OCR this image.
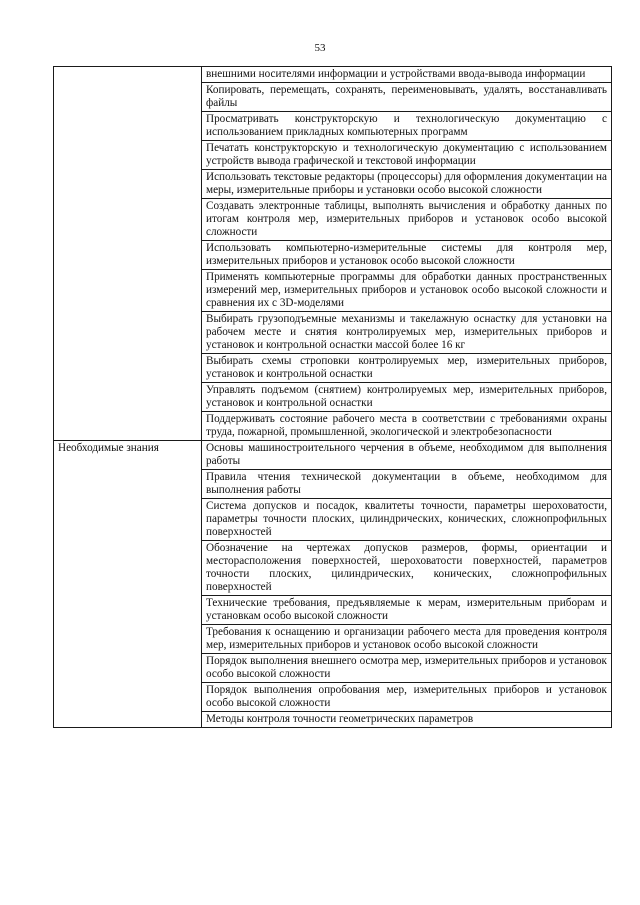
53
	внешними носителями информации и устройствами ввода-вывода информации
	Копировать, перемещать, сохранять, переименовывать, удалять, восстанавливать файлы
	Просматривать конструкторскую и технологическую документацию с использованием прикладных компьютерных программ
	Печатать конструкторскую и технологическую документацию с использованием устройств вывода графической и текстовой информации
	Использовать текстовые редакторы (процессоры) для оформления документации на меры, измерительные приборы и установки особо высокой сложности
	Создавать электронные таблицы, выполнять вычисления и обработку данных по итогам контроля мер, измерительных приборов и установок особо высокой сложности
	Использовать компьютерно-измерительные системы для контроля мер, измерительных приборов и установок особо высокой сложности
	Применять компьютерные программы для обработки данных пространственных измерений мер, измерительных приборов и установок особо высокой сложности и сравнения их с 3D-моделями
	Выбирать грузоподъемные механизмы и такелажную оснастку для установки на рабочем месте и снятия контролируемых мер, измерительных приборов и установок и контрольной оснастки массой более 16 кг
	Выбирать схемы строповки контролируемых мер, измерительных приборов, установок и контрольной оснастки
	Управлять подъемом (снятием) контролируемых мер, измерительных приборов, установок и контрольной оснастки
	Поддерживать состояние рабочего места в соответствии с требованиями охраны труда, пожарной, промышленной, экологической и электробезопасности
Необходимые знания	Основы машиностроительного черчения в объеме, необходимом для выполнения работы
	Правила чтения технической документации в объеме, необходимом для выполнения работы
	Система допусков и посадок, квалитеты точности, параметры шероховатости, параметры точности плоских, цилиндрических, конических, сложнопрофильных поверхностей
	Обозначение на чертежах допусков размеров, формы, ориентации и месторасположения поверхностей, шероховатости поверхностей, параметров точности плоских, цилиндрических, конических, сложнопрофильных поверхностей
	Технические требования, предъявляемые к мерам, измерительным приборам и установкам особо высокой сложности
	Требования к оснащению и организации рабочего места для проведения контроля мер, измерительных приборов и установок особо высокой сложности
	Порядок выполнения внешнего осмотра мер, измерительных приборов и установок особо высокой сложности
	Порядок выполнения опробования мер, измерительных приборов и установок особо высокой сложности
	Методы контроля точности геометрических параметров
